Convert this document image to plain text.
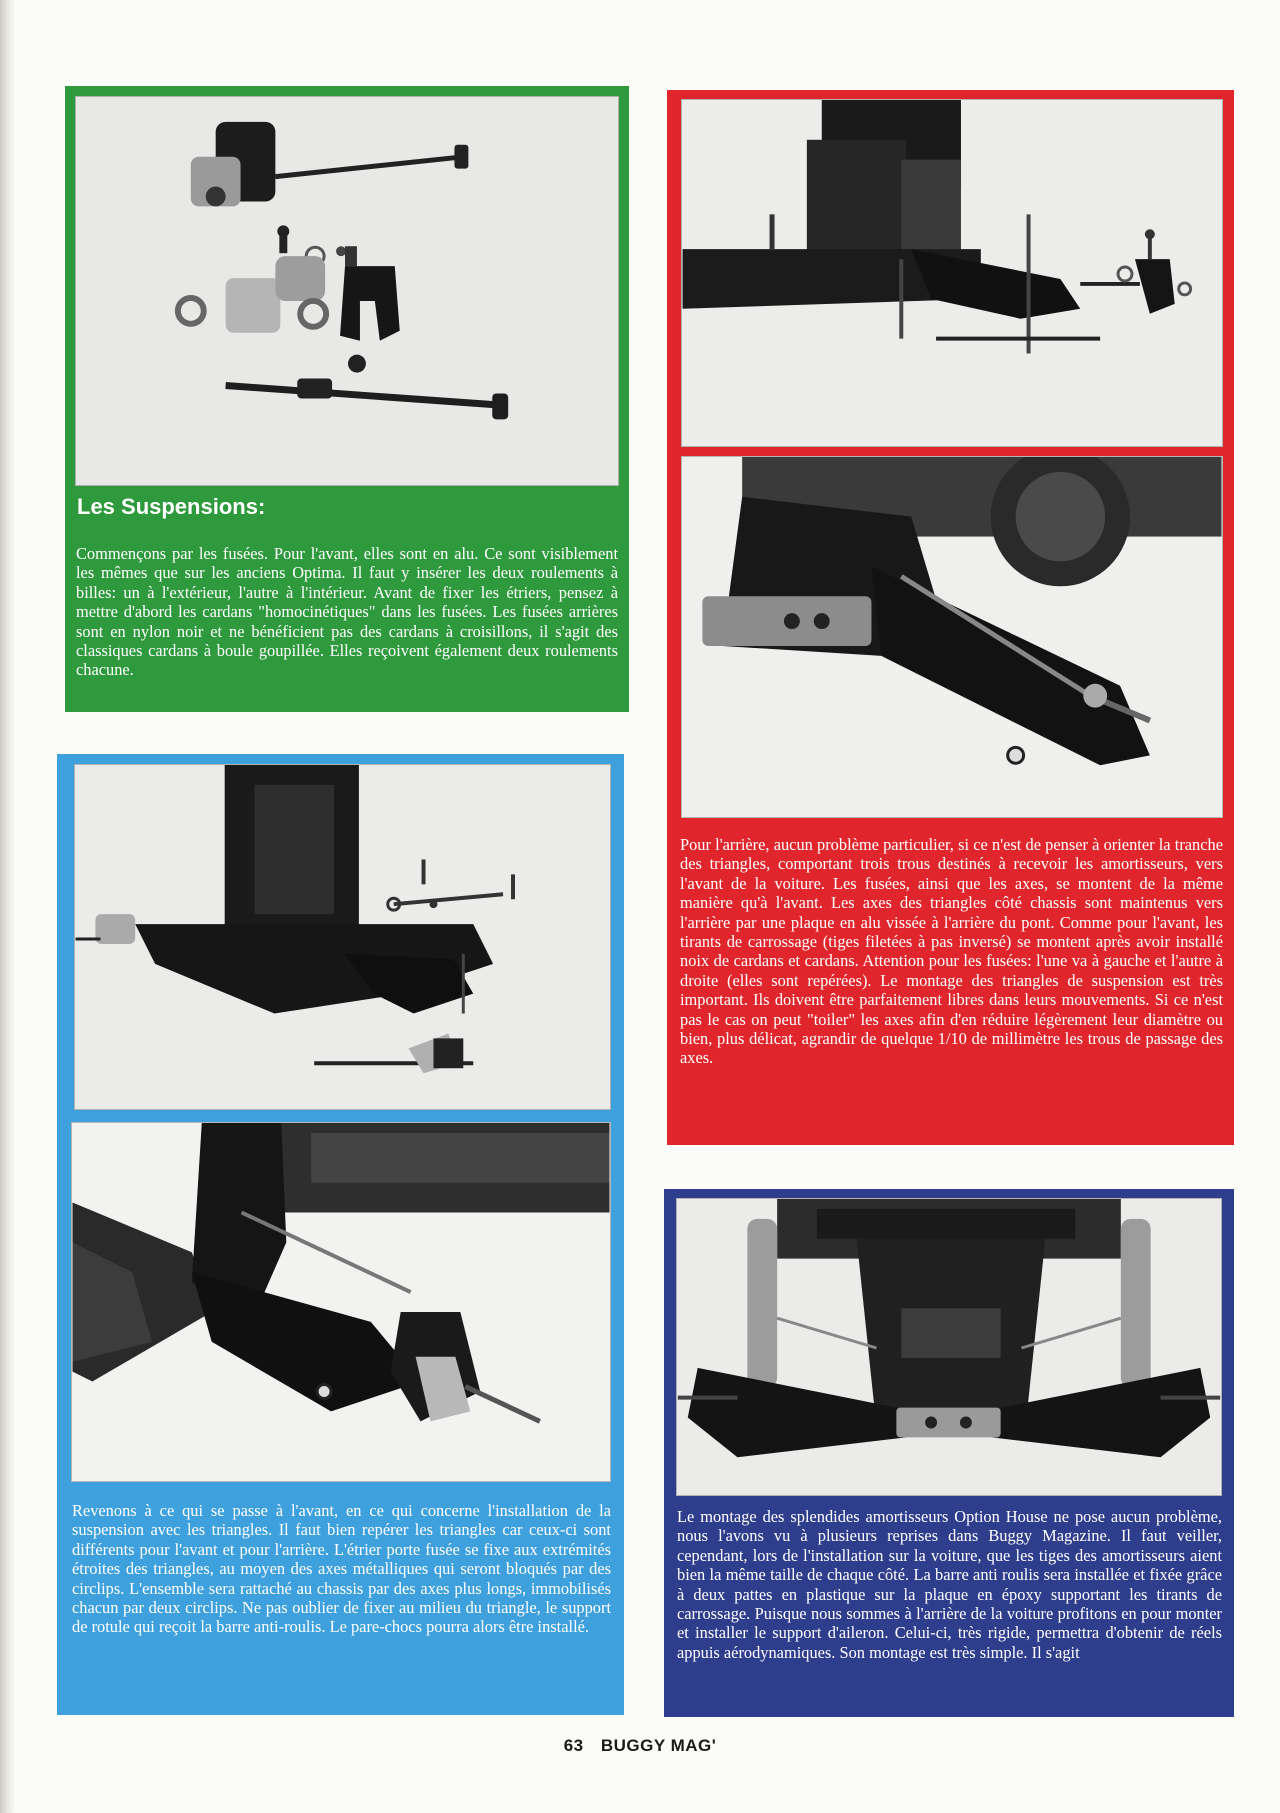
Les Suspensions:

Commençons par les fusées. Pour l'avant, elles sont en alu. Ce sont visiblement les mêmes que sur les anciens Optima. Il faut y insérer les deux roulements à billes: un à l'extérieur, l'autre à l'intérieur. Avant de fixer les étriers, pensez à mettre d'abord les cardans "homocinétiques" dans les fusées. Les fusées arrières sont en nylon noir et ne bénéficient pas des cardans à croisillons, il s'agit des classiques cardans à boule goupillée. Elles reçoivent également deux roulements chacune.

Pour l'arrière, aucun problème particulier, si ce n'est de penser à orienter la tranche des triangles, comportant trois trous destinés à recevoir les amortisseurs, vers l'avant de la voiture. Les fusées, ainsi que les axes, se montent de la même manière qu'à l'avant. Les axes des triangles côté chassis sont maintenus vers l'arrière par une plaque en alu vissée à l'arrière du pont. Comme pour l'avant, les tirants de carrossage (tiges filetées à pas inversé) se montent après avoir installé noix de cardans et cardans. Attention pour les fusées: l'une va à gauche et l'autre à droite (elles sont repérées). Le montage des triangles de suspension est très important. Ils doivent être parfaitement libres dans leurs mouvements. Si ce n'est pas le cas on peut "toiler" les axes afin d'en réduire légèrement leur diamètre ou bien, plus délicat, agrandir de quelque 1/10 de millimètre les trous de passage des axes.

Revenons à ce qui se passe à l'avant, en ce qui concerne l'installation de la suspension avec les triangles. Il faut bien repérer les triangles car ceux-ci sont différents pour l'avant et pour l'arrière. L'étrier porte fusée se fixe aux extrémités étroites des triangles, au moyen des axes métalliques qui seront bloqués par des circlips. L'ensemble sera rattaché au chassis par des axes plus longs, immobilisés chacun par deux circlips. Ne pas oublier de fixer au milieu du triangle, le support de rotule qui reçoit la barre anti-roulis. Le pare-chocs pourra alors être installé.

Le montage des splendides amortisseurs Option House ne pose aucun problème, nous l'avons vu à plusieurs reprises dans Buggy Magazine. Il faut veiller, cependant, lors de l'installation sur la voiture, que les tiges des amortisseurs aient bien la même taille de chaque côté. La barre anti roulis sera installée et fixée grâce à deux pattes en plastique sur la plaque en époxy supportant les tirants de carrossage. Puisque nous sommes à l'arrière de la voiture profitons en pour monter et installer le support d'aileron. Celui-ci, très rigide, permettra d'obtenir de réels appuis aérodynamiques. Son montage est très simple. Il s'agit

63 BUGGY MAG'
